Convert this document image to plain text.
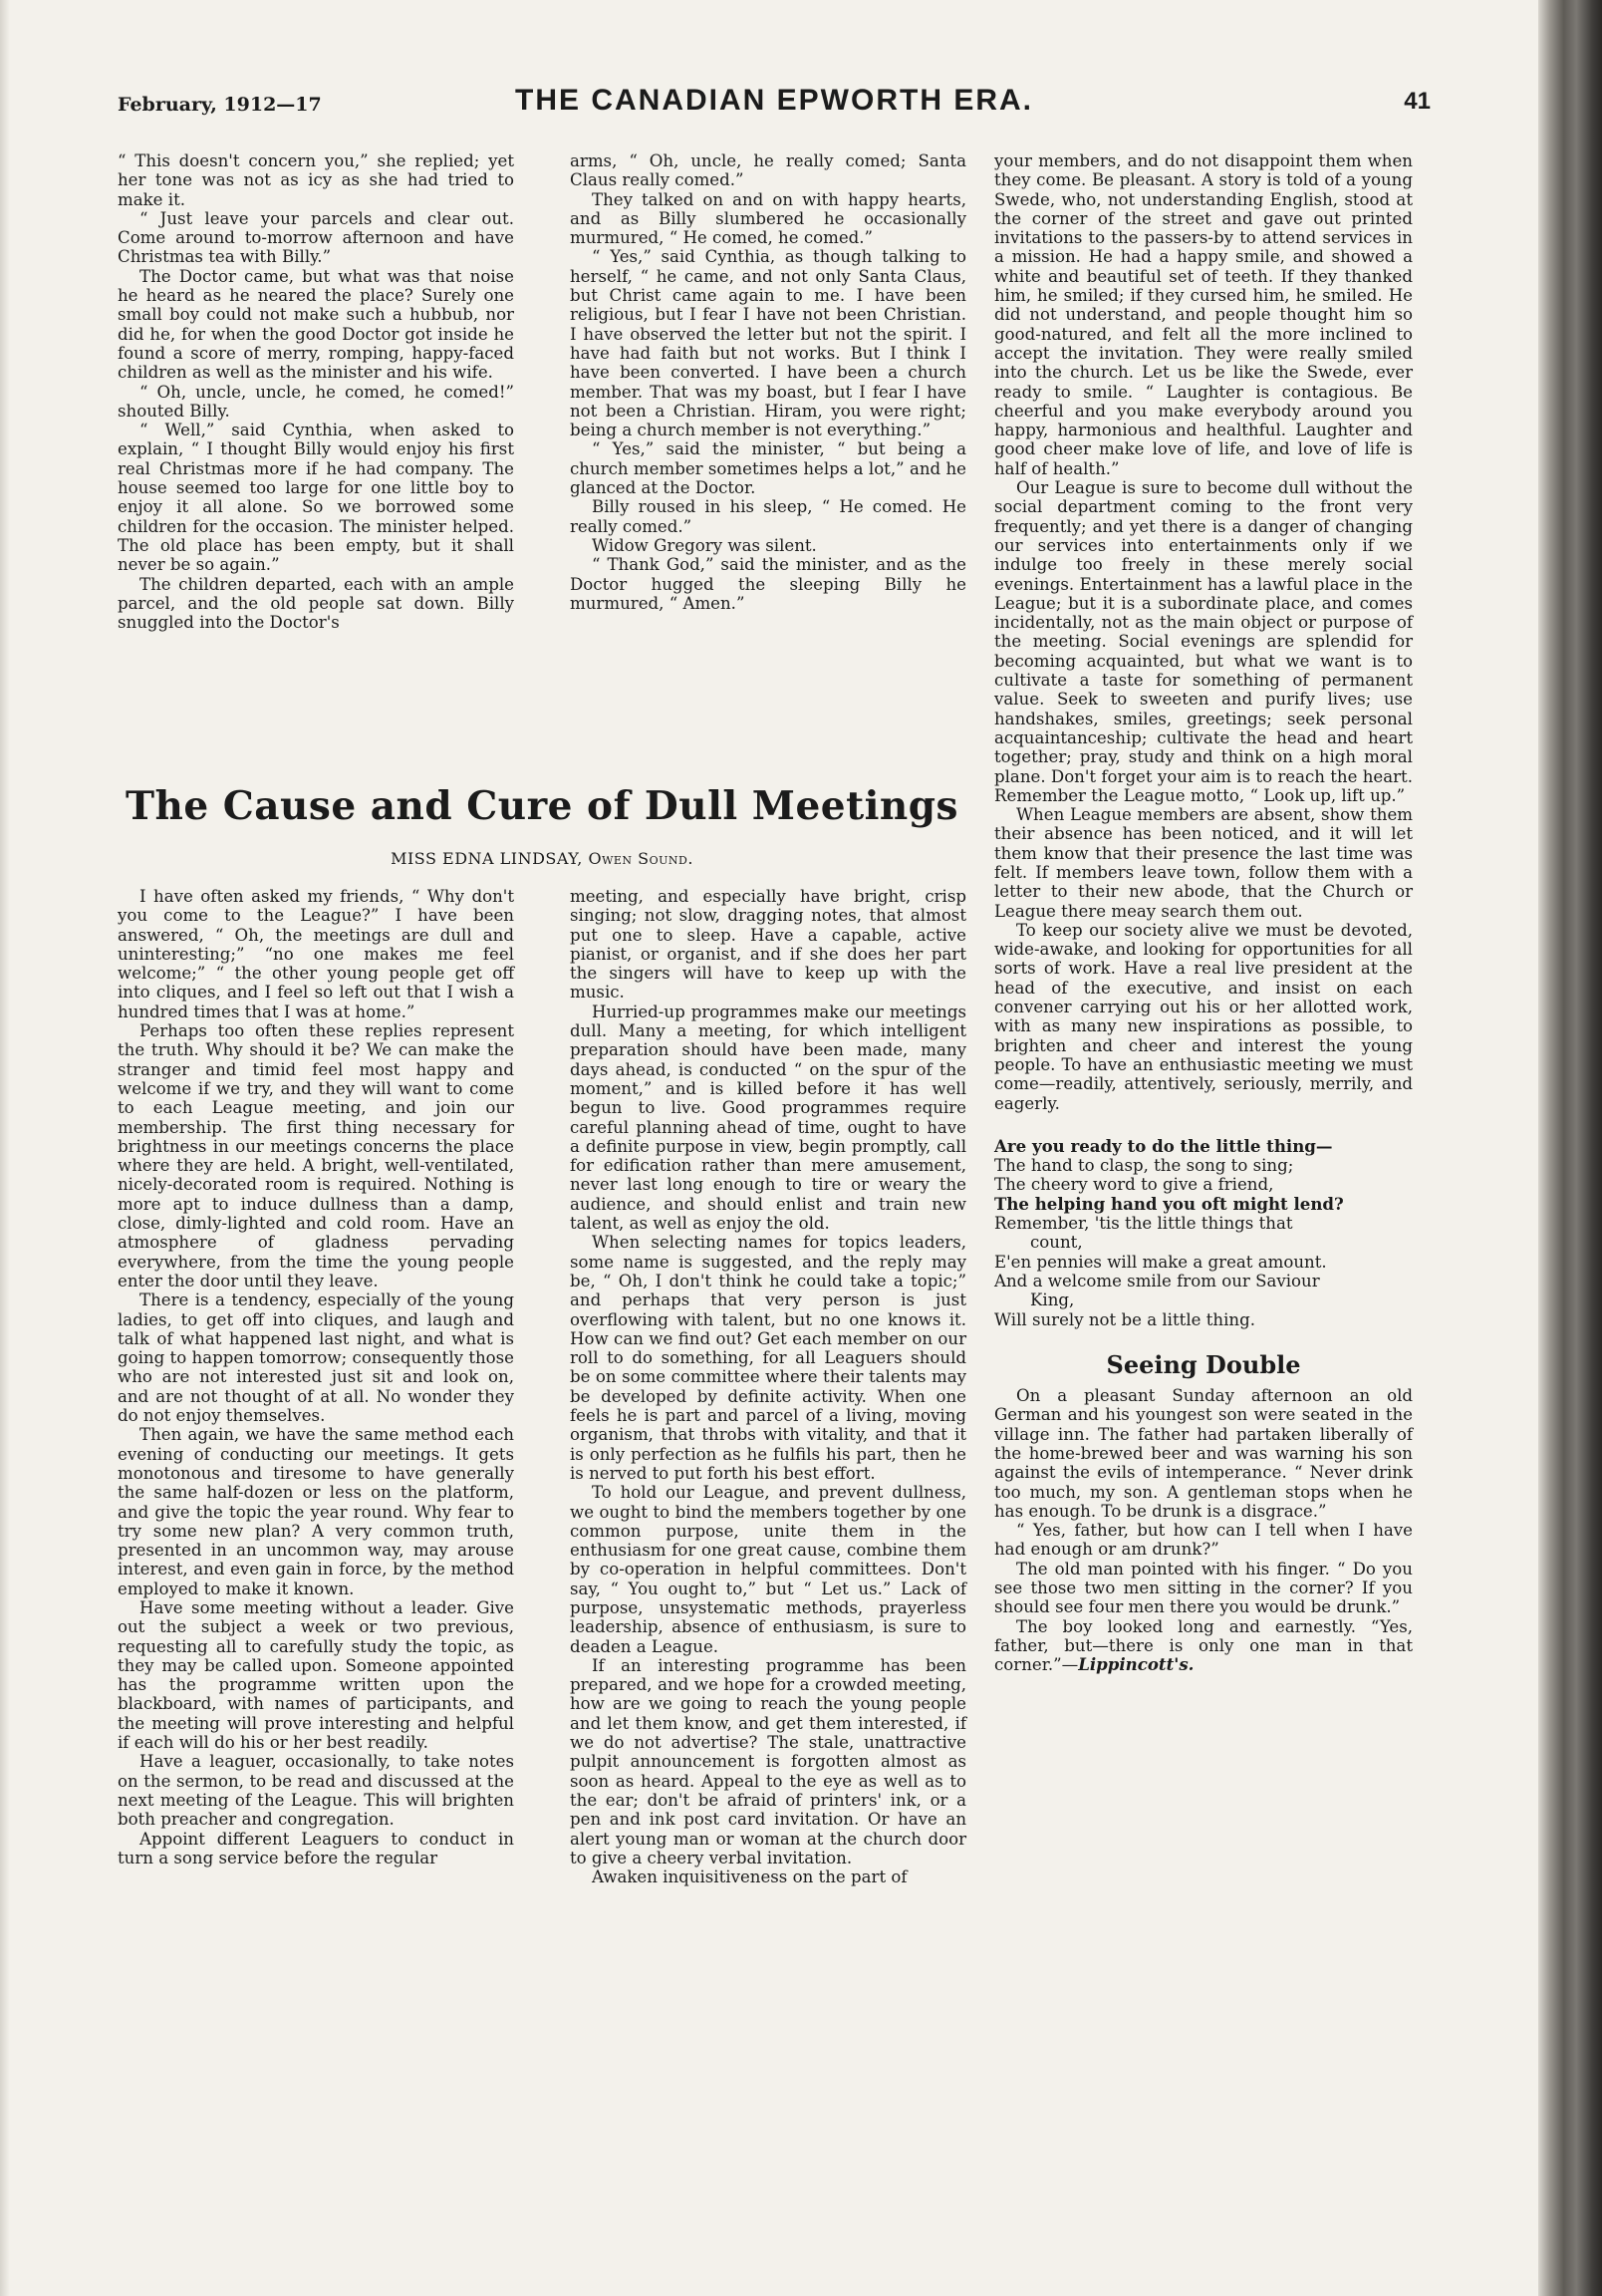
February, 1912—17	THE CANADIAN EPWORTH ERA.	41

“ This doesn't concern you,” she replied; yet her tone was not as icy as she had tried to make it.

“ Just leave your parcels and clear out. Come around to-morrow afternoon and have Christmas tea with Billy.”

The Doctor came, but what was that noise he heard as he neared the place? Surely one small boy could not make such a hubbub, nor did he, for when the good Doctor got inside he found a score of merry, romping, happy-faced children as well as the minister and his wife.

“ Oh, uncle, uncle, he comed, he comed!” shouted Billy.

“ Well,” said Cynthia, when asked to explain, “ I thought Billy would enjoy his first real Christmas more if he had company. The house seemed too large for one little boy to enjoy it all alone. So we borrowed some children for the occasion. The minister helped. The old place has been empty, but it shall never be so again.”

The children departed, each with an ample parcel, and the old people sat down. Billy snuggled into the Doctor's

arms, “ Oh, uncle, he really comed; Santa Claus really comed.”

They talked on and on with happy hearts, and as Billy slumbered he occasionally murmured, “ He comed, he comed.”

“ Yes,” said Cynthia, as though talking to herself, “ he came, and not only Santa Claus, but Christ came again to me. I have been religious, but I fear I have not been Christian. I have observed the letter but not the spirit. I have had faith but not works. But I think I have been converted. I have been a church member. That was my boast, but I fear I have not been a Christian. Hiram, you were right; being a church member is not everything.”

“ Yes,” said the minister, “ but being a church member sometimes helps a lot,” and he glanced at the Doctor.

Billy roused in his sleep, “ He comed. He really comed.”

Widow Gregory was silent.

“ Thank God,” said the minister, and as the Doctor hugged the sleeping Billy he murmured, “ Amen.”

The Cause and Cure of Dull Meetings
MISS EDNA LINDSAY, Owen Sound.

I have often asked my friends, “ Why don't you come to the League?” I have been answered, “ Oh, the meetings are dull and uninteresting;” “no one makes me feel welcome;” “ the other young people get off into cliques, and I feel so left out that I wish a hundred times that I was at home.”

Perhaps too often these replies represent the truth. Why should it be? We can make the stranger and timid feel most happy and welcome if we try, and they will want to come to each League meeting, and join our membership. The first thing necessary for brightness in our meetings concerns the place where they are held. A bright, well-ventilated, nicely-decorated room is required. Nothing is more apt to induce dullness than a damp, close, dimly-lighted and cold room. Have an atmosphere of gladness pervading everywhere, from the time the young people enter the door until they leave.

There is a tendency, especially of the young ladies, to get off into cliques, and laugh and talk of what happened last night, and what is going to happen tomorrow; consequently those who are not interested just sit and look on, and are not thought of at all. No wonder they do not enjoy themselves.

Then again, we have the same method each evening of conducting our meetings. It gets monotonous and tiresome to have generally the same half-dozen or less on the platform, and give the topic the year round. Why fear to try some new plan? A very common truth, presented in an uncommon way, may arouse interest, and even gain in force, by the method employed to make it known.

Have some meeting without a leader. Give out the subject a week or two previous, requesting all to carefully study the topic, as they may be called upon. Someone appointed has the programme written upon the blackboard, with names of participants, and the meeting will prove interesting and helpful if each will do his or her best readily.

Have a leaguer, occasionally, to take notes on the sermon, to be read and discussed at the next meeting of the League. This will brighten both preacher and congregation.

Appoint different Leaguers to conduct in turn a song service before the regular

meeting, and especially have bright, crisp singing; not slow, dragging notes, that almost put one to sleep. Have a capable, active pianist, or organist, and if she does her part the singers will have to keep up with the music.

Hurried-up programmes make our meetings dull. Many a meeting, for which intelligent preparation should have been made, many days ahead, is conducted “ on the spur of the moment,” and is killed before it has well begun to live. Good programmes require careful planning ahead of time, ought to have a definite purpose in view, begin promptly, call for edification rather than mere amusement, never last long enough to tire or weary the audience, and should enlist and train new talent, as well as enjoy the old.

When selecting names for topics leaders, some name is suggested, and the reply may be, “ Oh, I don't think he could take a topic;” and perhaps that very person is just overflowing with talent, but no one knows it. How can we find out? Get each member on our roll to do something, for all Leaguers should be on some committee where their talents may be developed by definite activity. When one feels he is part and parcel of a living, moving organism, that throbs with vitality, and that it is only perfection as he fulfils his part, then he is nerved to put forth his best effort.

To hold our League, and prevent dullness, we ought to bind the members together by one common purpose, unite them in the enthusiasm for one great cause, combine them by co-operation in helpful committees. Don't say, “ You ought to,” but “ Let us.” Lack of purpose, unsystematic methods, prayerless leadership, absence of enthusiasm, is sure to deaden a League.

If an interesting programme has been prepared, and we hope for a crowded meeting, how are we going to reach the young people and let them know, and get them interested, if we do not advertise? The stale, unattractive pulpit announcement is forgotten almost as soon as heard. Appeal to the eye as well as to the ear; don't be afraid of printers' ink, or a pen and ink post card invitation. Or have an alert young man or woman at the church door to give a cheery verbal invitation.

Awaken inquisitiveness on the part of

your members, and do not disappoint them when they come. Be pleasant. A story is told of a young Swede, who, not understanding English, stood at the corner of the street and gave out printed invitations to the passers-by to attend services in a mission. He had a happy smile, and showed a white and beautiful set of teeth. If they thanked him, he smiled; if they cursed him, he smiled. He did not understand, and people thought him so good-natured, and felt all the more inclined to accept the invitation. They were really smiled into the church. Let us be like the Swede, ever ready to smile. “ Laughter is contagious. Be cheerful and you make everybody around you happy, harmonious and healthful. Laughter and good cheer make love of life, and love of life is half of health.”

Our League is sure to become dull without the social department coming to the front very frequently; and yet there is a danger of changing our services into entertainments only if we indulge too freely in these merely social evenings. Entertainment has a lawful place in the League; but it is a subordinate place, and comes incidentally, not as the main object or purpose of the meeting. Social evenings are splendid for becoming acquainted, but what we want is to cultivate a taste for something of permanent value. Seek to sweeten and purify lives; use handshakes, smiles, greetings; seek personal acquaintanceship; cultivate the head and heart together; pray, study and think on a high moral plane. Don't forget your aim is to reach the heart. Remember the League motto, “ Look up, lift up.”

When League members are absent, show them their absence has been noticed, and it will let them know that their presence the last time was felt. If members leave town, follow them with a letter to their new abode, that the Church or League there meay search them out.

To keep our society alive we must be devoted, wide-awake, and looking for opportunities for all sorts of work. Have a real live president at the head of the executive, and insist on each convener carrying out his or her allotted work, with as many new inspirations as possible, to brighten and cheer and interest the young people. To have an enthusiastic meeting we must come—readily, attentively, seriously, merrily, and eagerly.

Are you ready to do the little thing—
The hand to clasp, the song to sing;
The cheery word to give a friend,
The helping hand you oft might lend?
Remember, 'tis the little things that
count,
E'en pennies will make a great amount.
And a welcome smile from our Saviour
King,
Will surely not be a little thing.
Seeing Double

On a pleasant Sunday afternoon an old German and his youngest son were seated in the village inn. The father had partaken liberally of the home-brewed beer and was warning his son against the evils of intemperance. “ Never drink too much, my son. A gentleman stops when he has enough. To be drunk is a disgrace.”

“ Yes, father, but how can I tell when I have had enough or am drunk?”

The old man pointed with his finger. “ Do you see those two men sitting in the corner? If you should see four men there you would be drunk.”

The boy looked long and earnestly. “Yes, father, but—there is only one man in that corner.”—Lippincott's.
